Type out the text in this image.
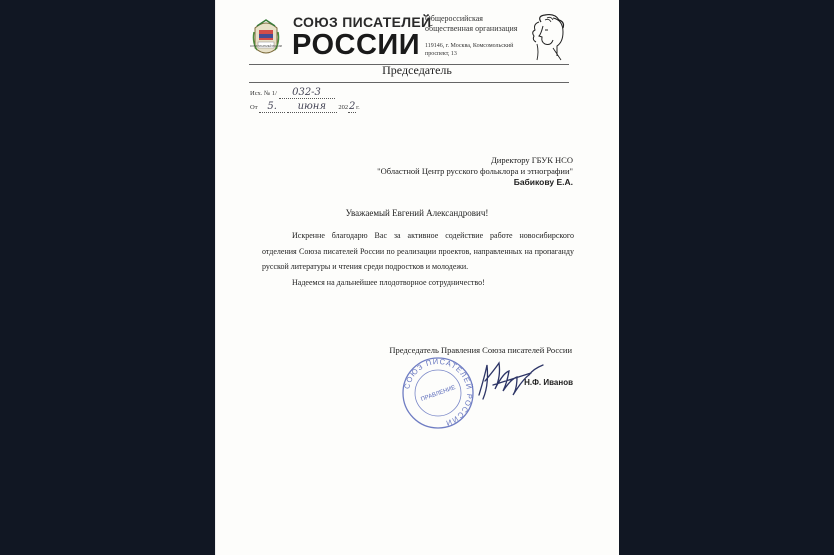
СОЮЗ ПИСАТЕЛЕЙ РОССИИ
СОЮЗ ПИСАТЕЛЕЙ
РОССИИ
Общероссийская общественная организация
119146, г. Москва, Комсомольский проспект, 13
Председатель
Исх. № 1/ 032-3
От 5. июня 2022г.
Директору ГБУК НСО
"Областной Центр русского фольклора и этнографии"
Бабикову Е.А.
Уважаемый Евгений Александрович!

Искренне благодарю Вас за активное содействие работе новосибирского отделения Союза писателей России по реализации проектов, направленных на пропаганду русской литературы и чтения среди подростков и молодежи.

Надеемся на дальнейшее плодотворное сотрудничество!

Председатель Правления Союза писателей России
СОЮЗ ПИСАТЕЛЕЙ РОССИИ
ПРАВЛЕНИЕ
Н.Ф. Иванов
